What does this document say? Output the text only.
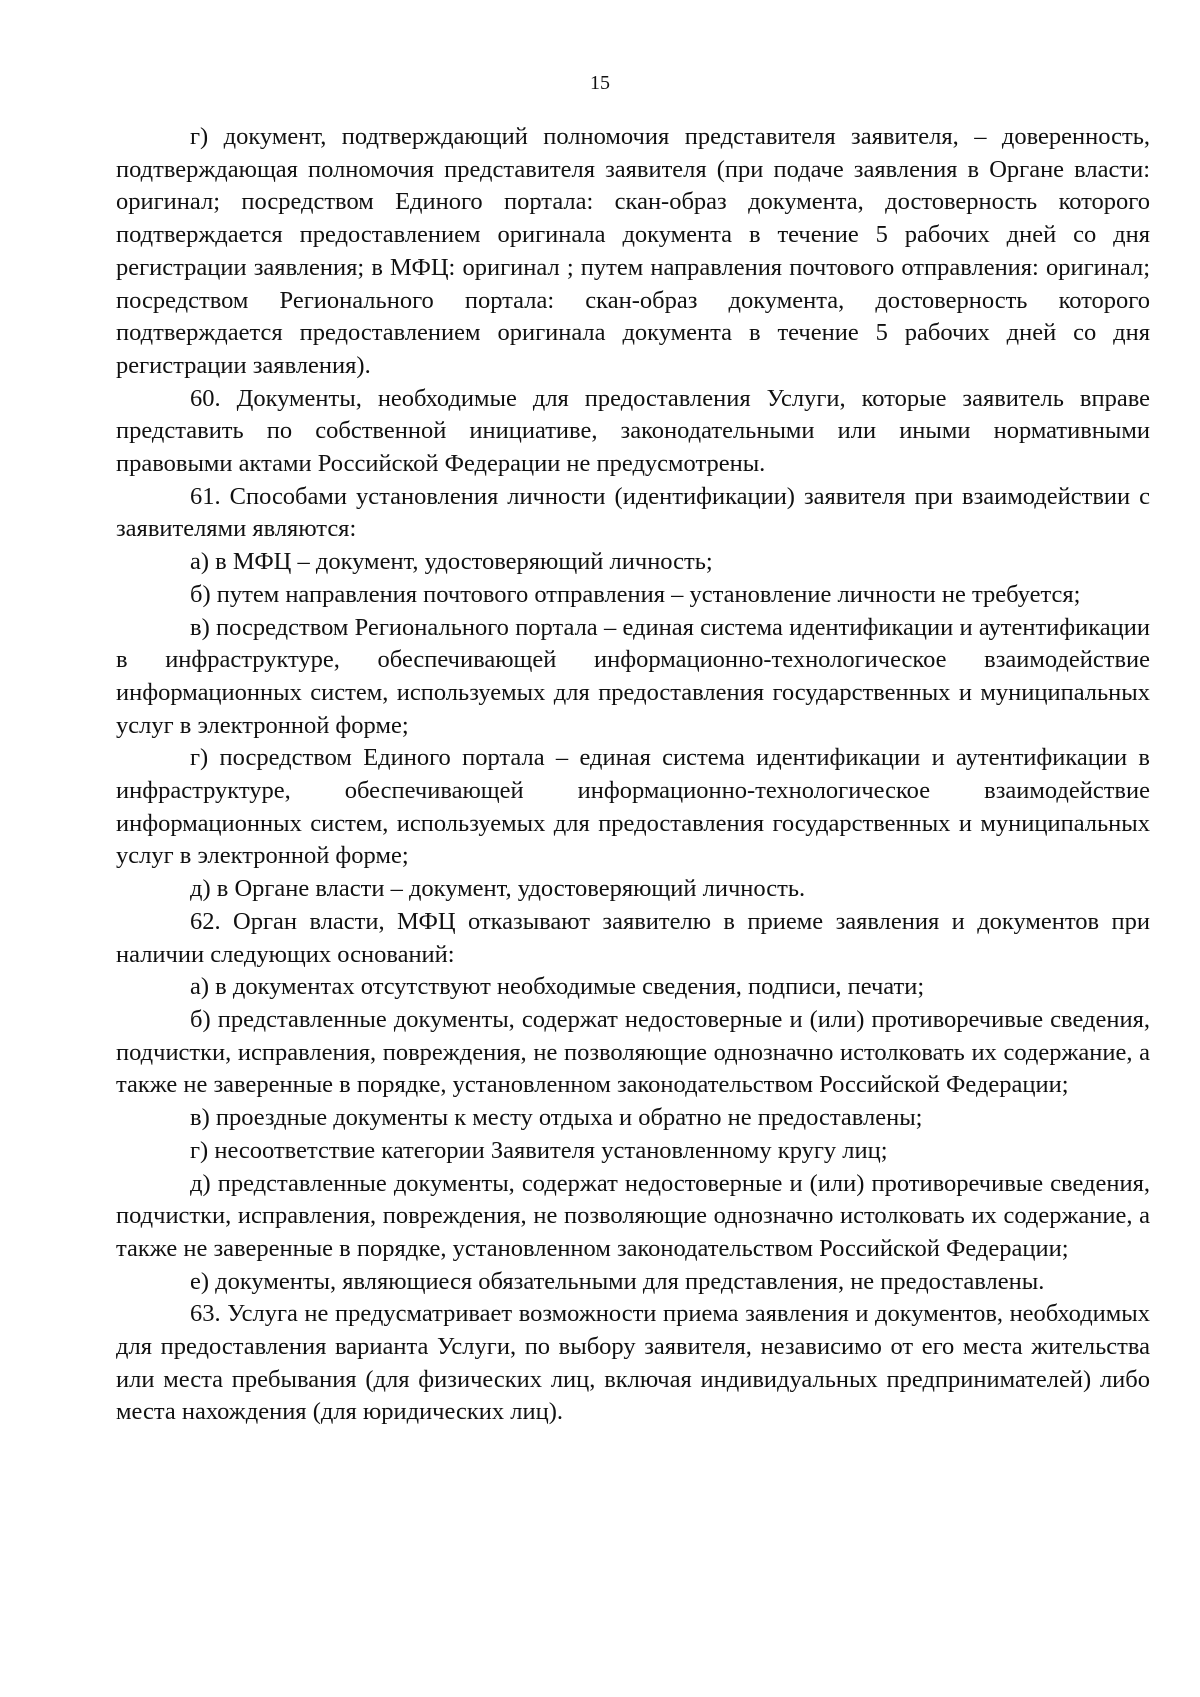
15

г) документ, подтверждающий полномочия представителя заявителя, – доверенность, подтверждающая полномочия представителя заявителя (при подаче заявления в Органе власти: оригинал; посредством Единого портала: скан-образ документа, достоверность которого подтверждается предоставлением оригинала документа в течение 5 рабочих дней со дня регистрации заявления; в МФЦ: оригинал ; путем направления почтового отправления: оригинал; посредством Регионального портала: скан-образ документа, достоверность которого подтверждается предоставлением оригинала документа в течение 5 рабочих дней со дня регистрации заявления).

60. Документы, необходимые для предоставления Услуги, которые заявитель вправе представить по собственной инициативе, законодательными или иными нормативными правовыми актами Российской Федерации не предусмотрены.

61. Способами установления личности (идентификации) заявителя при взаимодействии с заявителями являются:

а) в МФЦ – документ, удостоверяющий личность;

б) путем направления почтового отправления – установление личности не требуется;

в) посредством Регионального портала – единая система идентификации и аутентификации в инфраструктуре, обеспечивающей информационно-технологическое взаимодействие информационных систем, используемых для предоставления государственных и муниципальных услуг в электронной форме;

г) посредством Единого портала – единая система идентификации и аутентификации в инфраструктуре, обеспечивающей информационно-технологическое взаимодействие информационных систем, используемых для предоставления государственных и муниципальных услуг в электронной форме;

д) в Органе власти – документ, удостоверяющий личность.

62. Орган власти, МФЦ отказывают заявителю в приеме заявления и документов при наличии следующих оснований:

а) в документах отсутствуют необходимые сведения, подписи, печати;

б) представленные документы, содержат недостоверные и (или) противоречивые сведения, подчистки, исправления, повреждения, не позволяющие однозначно истолковать их содержание, а также не заверенные в порядке, установленном законодательством Российской Федерации;

в) проездные документы к месту отдыха и обратно не предоставлены;

г) несоответствие категории Заявителя установленному кругу лиц;

д) представленные документы, содержат недостоверные и (или) противоречивые сведения, подчистки, исправления, повреждения, не позволяющие однозначно истолковать их содержание, а также не заверенные в порядке, установленном законодательством Российской Федерации;

е) документы, являющиеся обязательными для представления, не предоставлены.

63. Услуга не предусматривает возможности приема заявления и документов, необходимых для предоставления варианта Услуги, по выбору заявителя, независимо от его места жительства или места пребывания (для физических лиц, включая индивидуальных предпринимателей) либо места нахождения (для юридических лиц).
